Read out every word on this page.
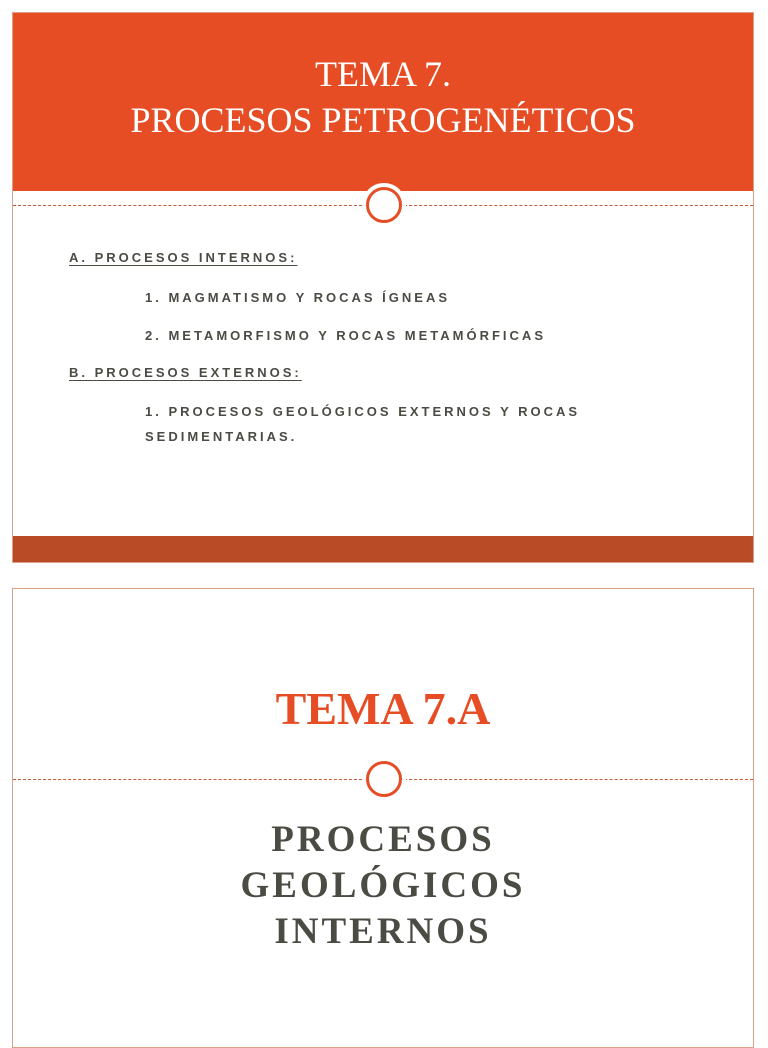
TEMA 7.
PROCESOS PETROGENÉTICOS
A. PROCESOS INTERNOS:
1. MAGMATISMO Y ROCAS ÍGNEAS
2. METAMORFISMO Y ROCAS METAMÓRFICAS
B. PROCESOS EXTERNOS:
1. PROCESOS GEOLÓGICOS EXTERNOS Y ROCAS SEDIMENTARIAS.
TEMA 7.A
PROCESOS
GEOLÓGICOS
INTERNOS
